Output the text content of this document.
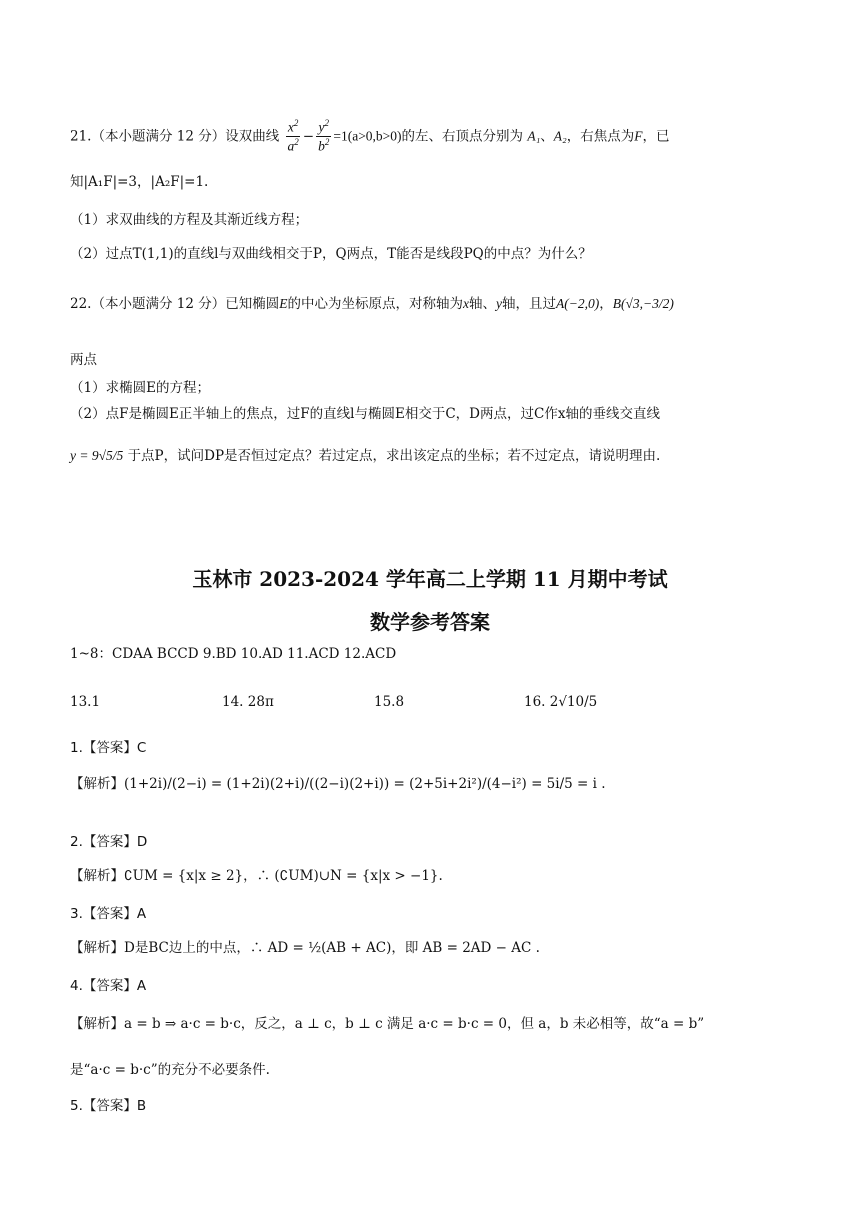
21.（本小题满分 12 分）设双曲线 $\frac{x^2}{a^2} - \frac{y^2}{b^2} =1(a>0,b>0)$的左、右顶点分别为 A₁、A₂，右焦点为F，已
知|A₁F|=3，|A₂F|=1.
（1）求双曲线的方程及其渐近线方程；
（2）过点T(1,1)的直线l与双曲线相交于P，Q两点，T能否是线段PQ的中点？为什么？
22.（本小题满分 12 分）已知椭圆E的中心为坐标原点，对称轴为x轴、y轴，且过A(−2,0)，B(√3,−3/2)
两点
（1）求椭圆E的方程；
（2）点F是椭圆E正半轴上的焦点，过F的直线l与椭圆E相交于C，D两点，过C作x轴的垂线交直线
y = 9√5/5 于点P，试问DP是否恒过定点？若过定点，求出该定点的坐标；若不过定点，请说明理由.
玉林市 2023-2024 学年高二上学期 11 月期中考试
数学参考答案
1~8：CDAA BCCD 9.BD 10.AD 11.ACD 12.ACD
13.1	14. 28π	15.8	16. 2√10/5
1.【答案】C
【解析】(1+2i)/(2−i) = (1+2i)(2+i)/((2−i)(2+i)) = (2+5i+2i²)/(4−i²) = 5i/5 = i .
2.【答案】D
【解析】∁UM = {x|x ≥ 2}，∴ (∁UM)∪N = {x|x > −1}.
3.【答案】A
【解析】D是BC边上的中点，∴ AD = ½(AB + AC)，即 AB = 2AD − AC .
4.【答案】A
【解析】a = b ⇒ a·c = b·c，反之，a ⊥ c，b ⊥ c 满足 a·c = b·c = 0，但 a，b 未必相等，故“a = b”
是“a·c = b·c”的充分不必要条件.
5.【答案】B
